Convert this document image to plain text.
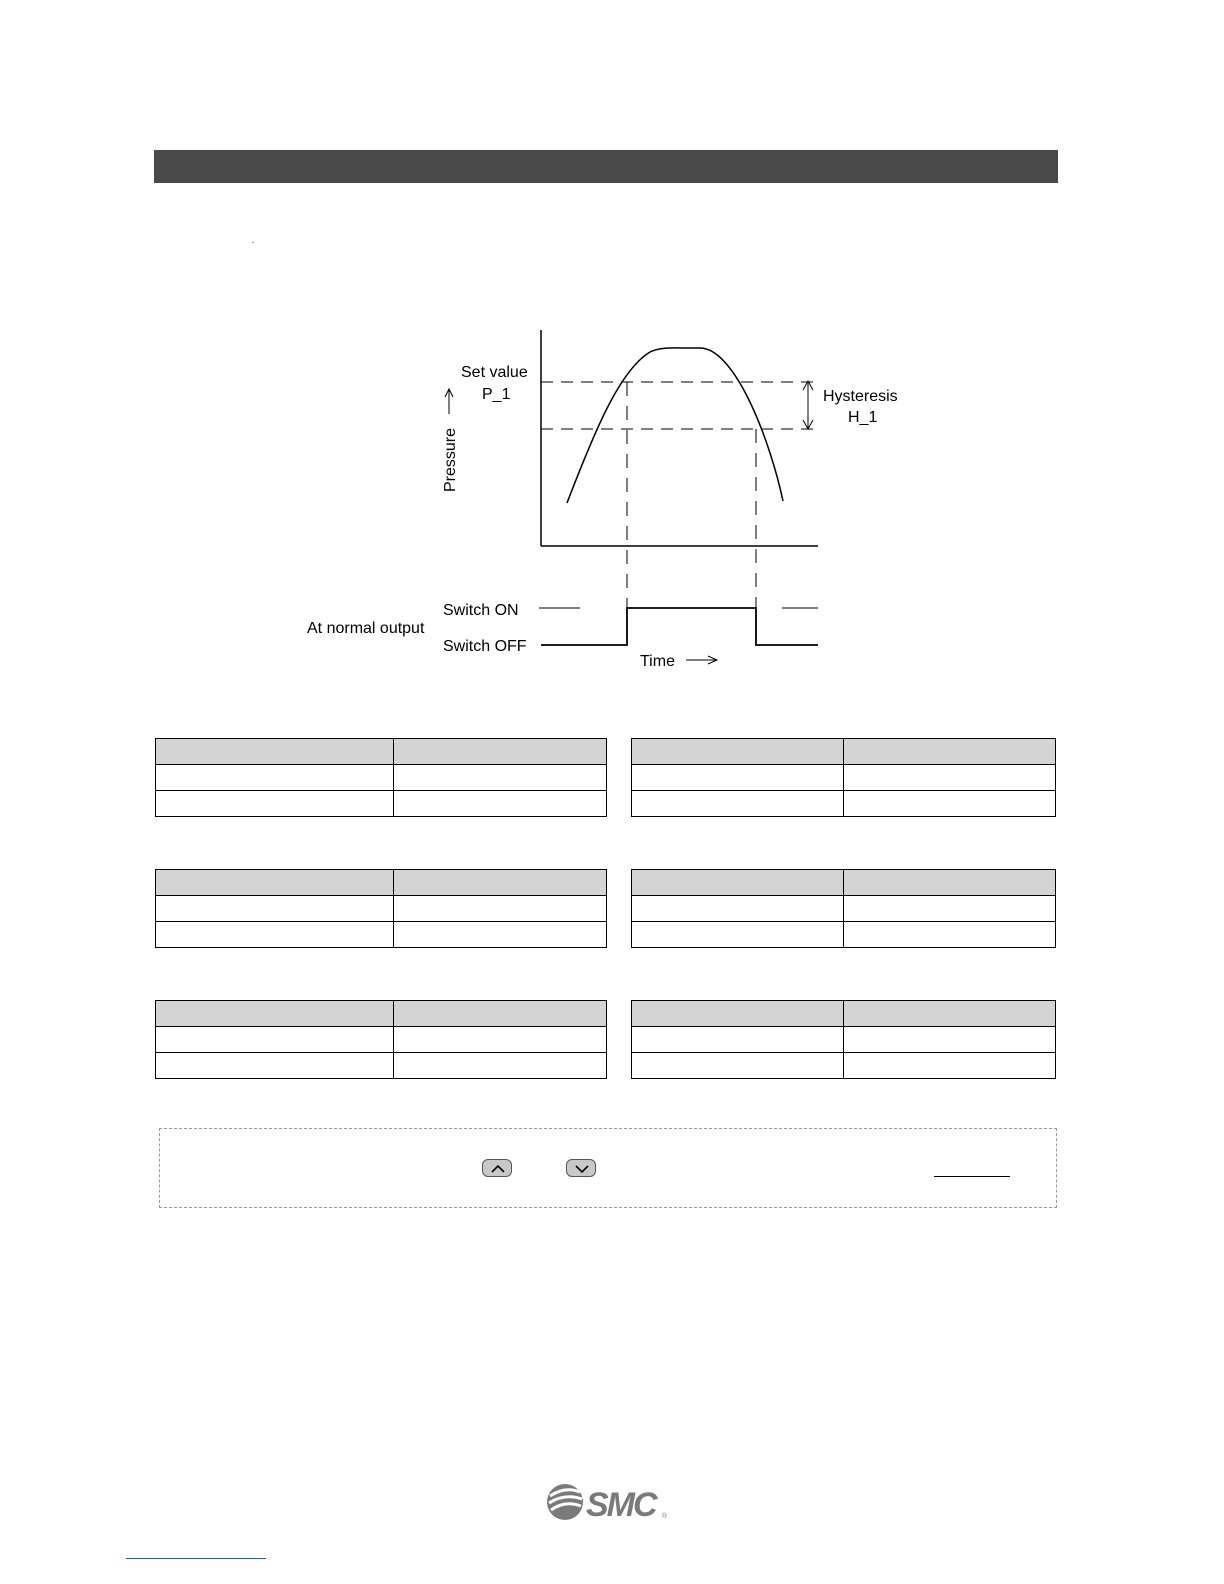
Set value
P_1	Hysteresis
H_1
Pressure
Switch ON
Switch OFF
At normal output
Time

SMC ®
